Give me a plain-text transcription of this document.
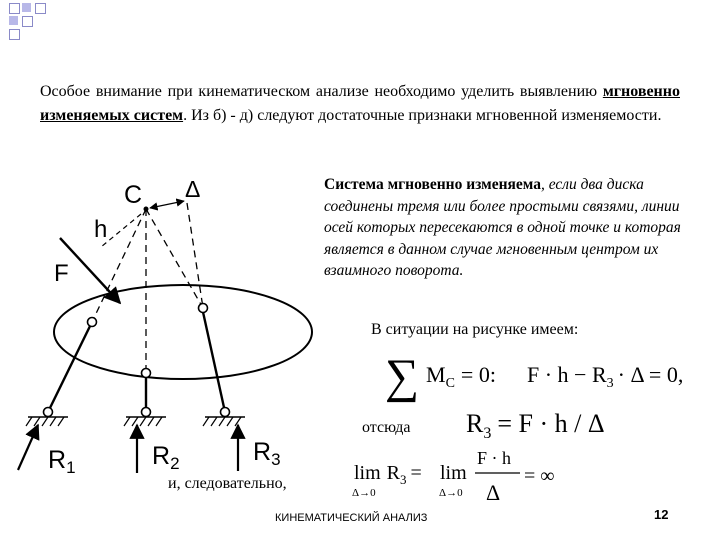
Особое внимание при кинематическом анализе необходимо уделить выявлению мгновенно изменяемых систем. Из б) - д) следуют достаточные признаки мгновенной изменяемости.
Система мгновенно изменяема, если два диска соединены тремя или более простыми связями, линии осей которых пересекаются в одной точке и которая является в данном случае мгновенным центром их взаимного поворота.
C Δ
h
F
$R_1$	$R_2$	$R_3$
В ситуации на рисунке имеем:
отсюда
и, следовательно,
∑ $M_C = 0$: $F \cdot h - R_3 \cdot \Delta = 0$,
$R_3 = F \cdot h / \Delta$
$\lim R_3$ =
Δ→0
lim
Δ→0
F · h
Δ
= ∞
КИНЕМАТИЧЕСКИЙ АНАЛИЗ	12
